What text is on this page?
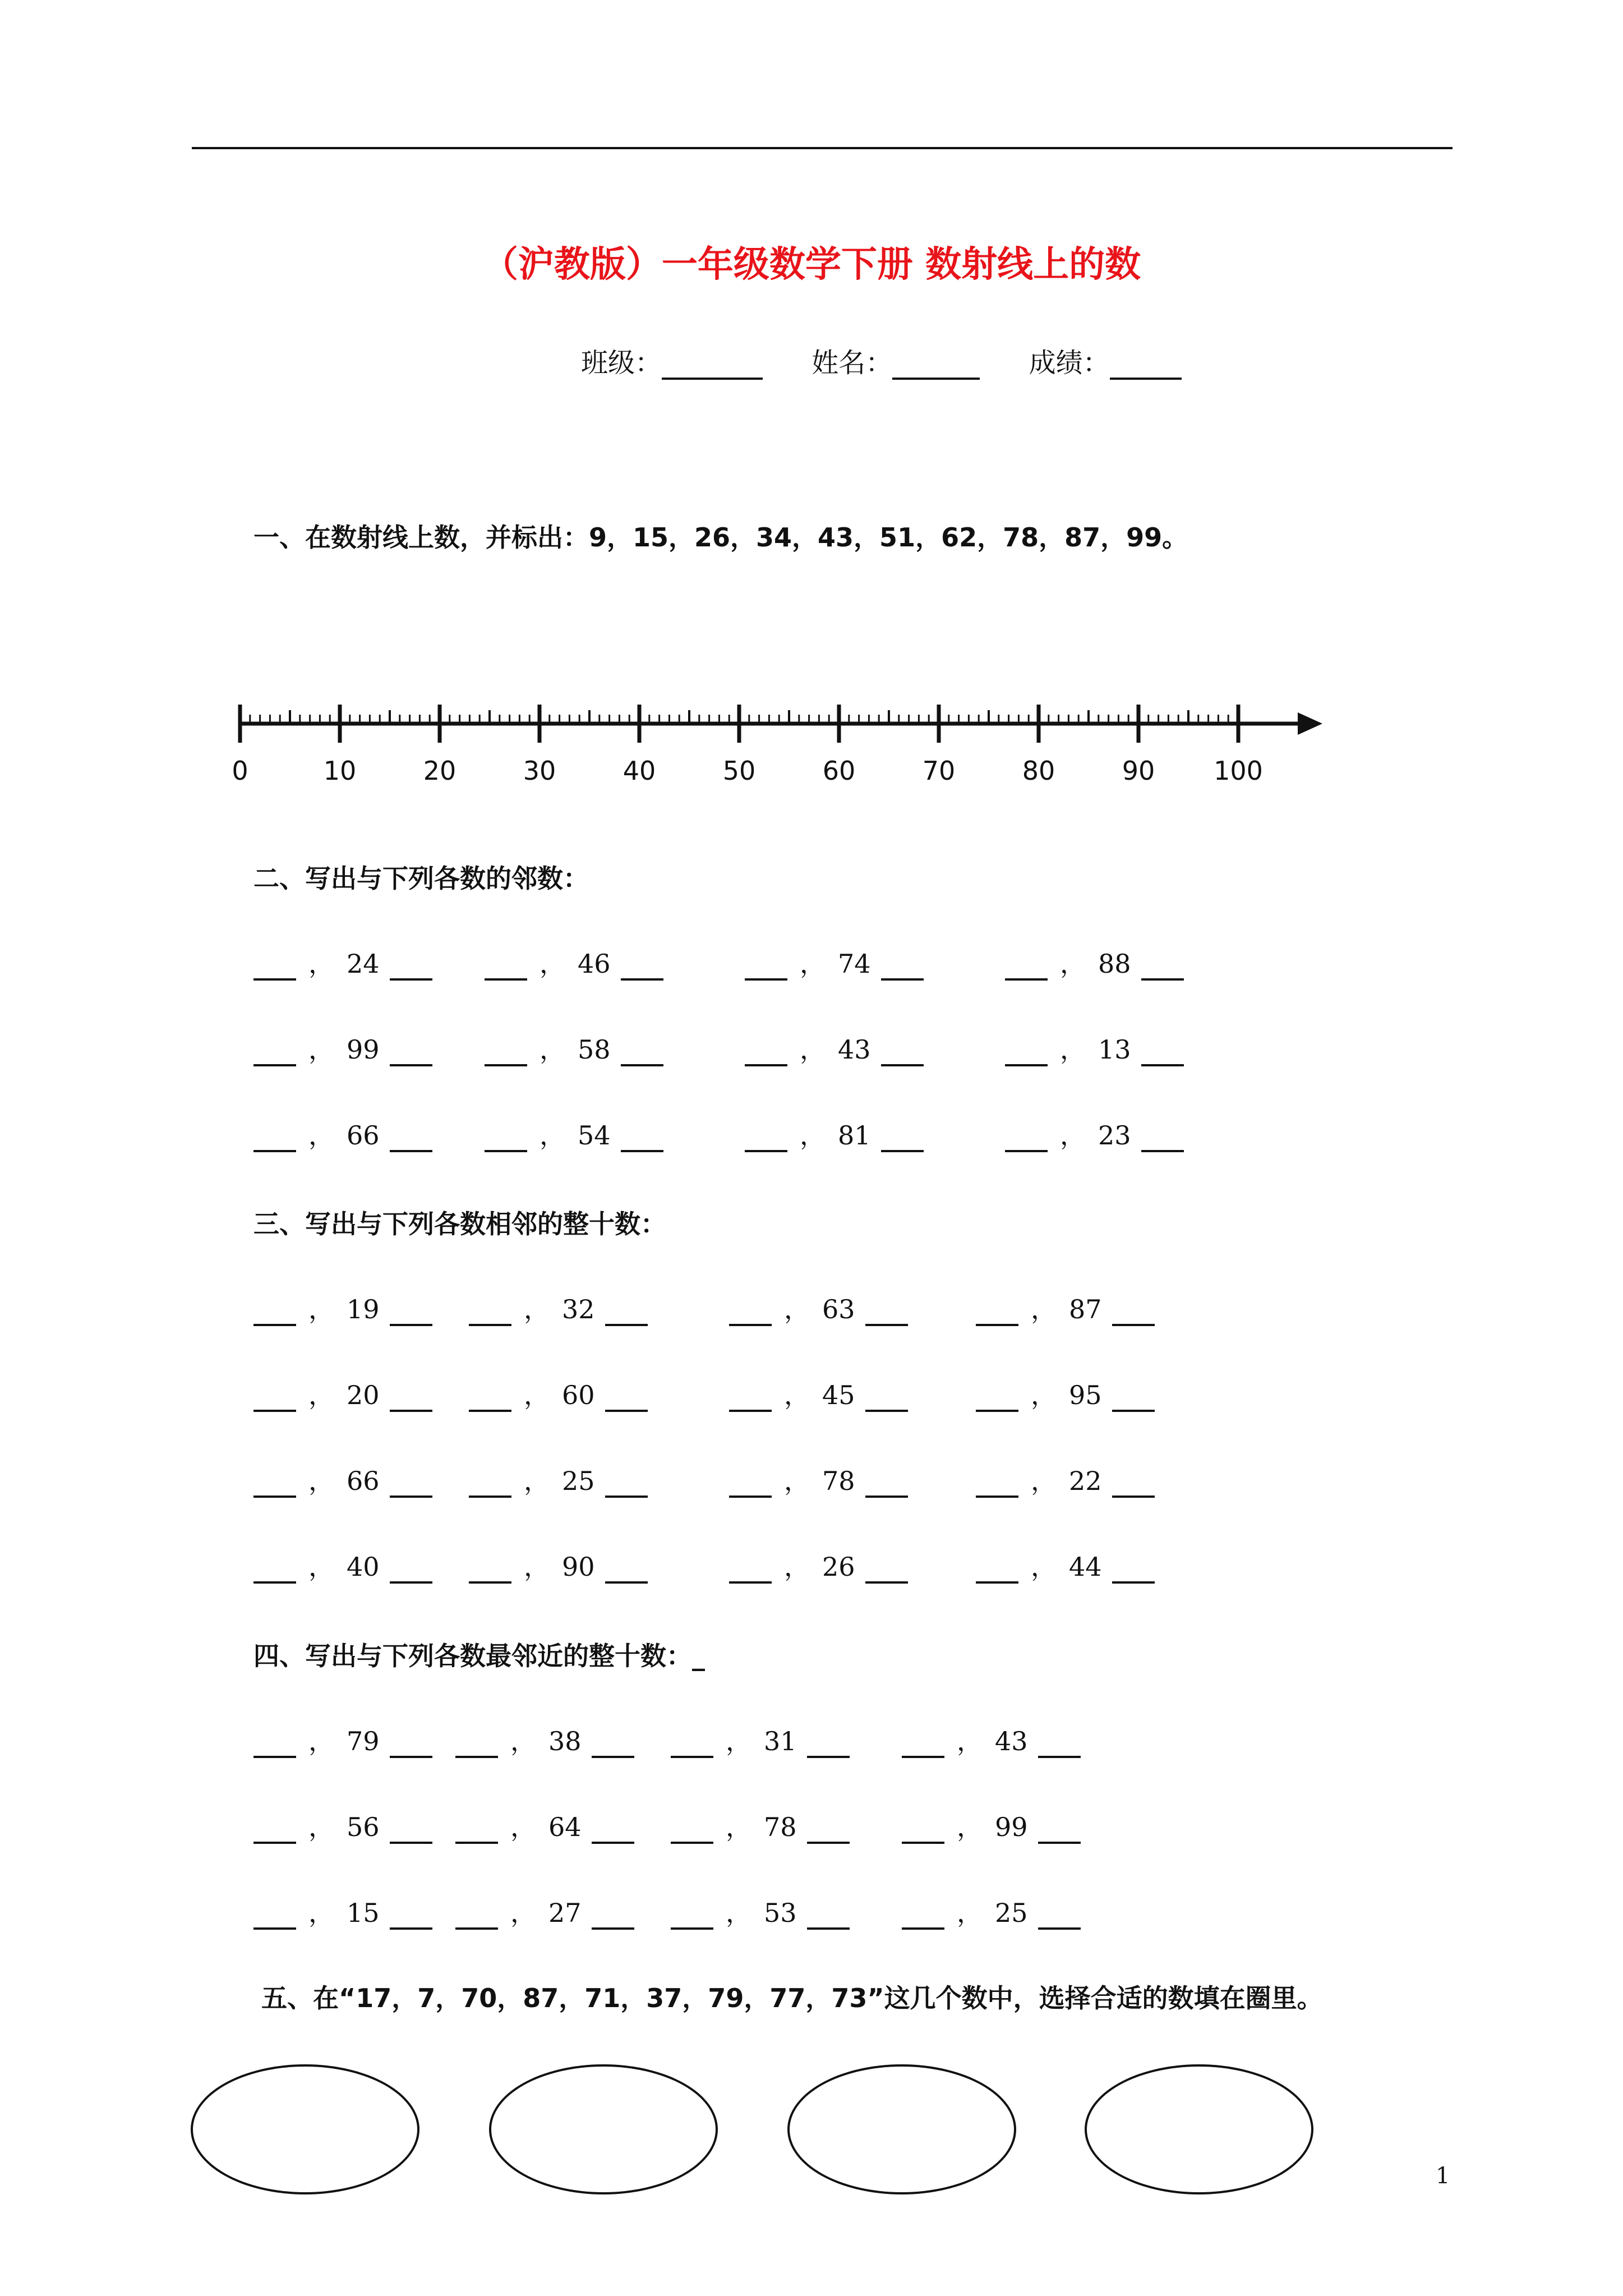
（沪教版）一年级数学下册 数射线上的数
班级：	姓名：	成绩：
一、在数射线上数，并标出：9，15，26，34，43，51，62，78，87，99。
0	10	20	30	40	50	60	70	80	90 100
二、写出与下列各数的邻数：
， 24	， 46	， 74	， 88
， 99	， 58	， 43	， 13
， 66	， 54	， 81	， 23
三、写出与下列各数相邻的整十数：
， 19	， 32	， 63	， 87
， 20	， 60	， 45	， 95
， 66	， 25	， 78	， 22
， 40	， 90	， 26	， 44
四、写出与下列各数最邻近的整十数：_
， 79	， 38	， 31	， 43
， 56	， 64	， 78	， 99
， 15	， 27	， 53	， 25
五、在“17，7，70，87，71，37，79，77，73”这几个数中，选择合适的数填在圈里。
1
